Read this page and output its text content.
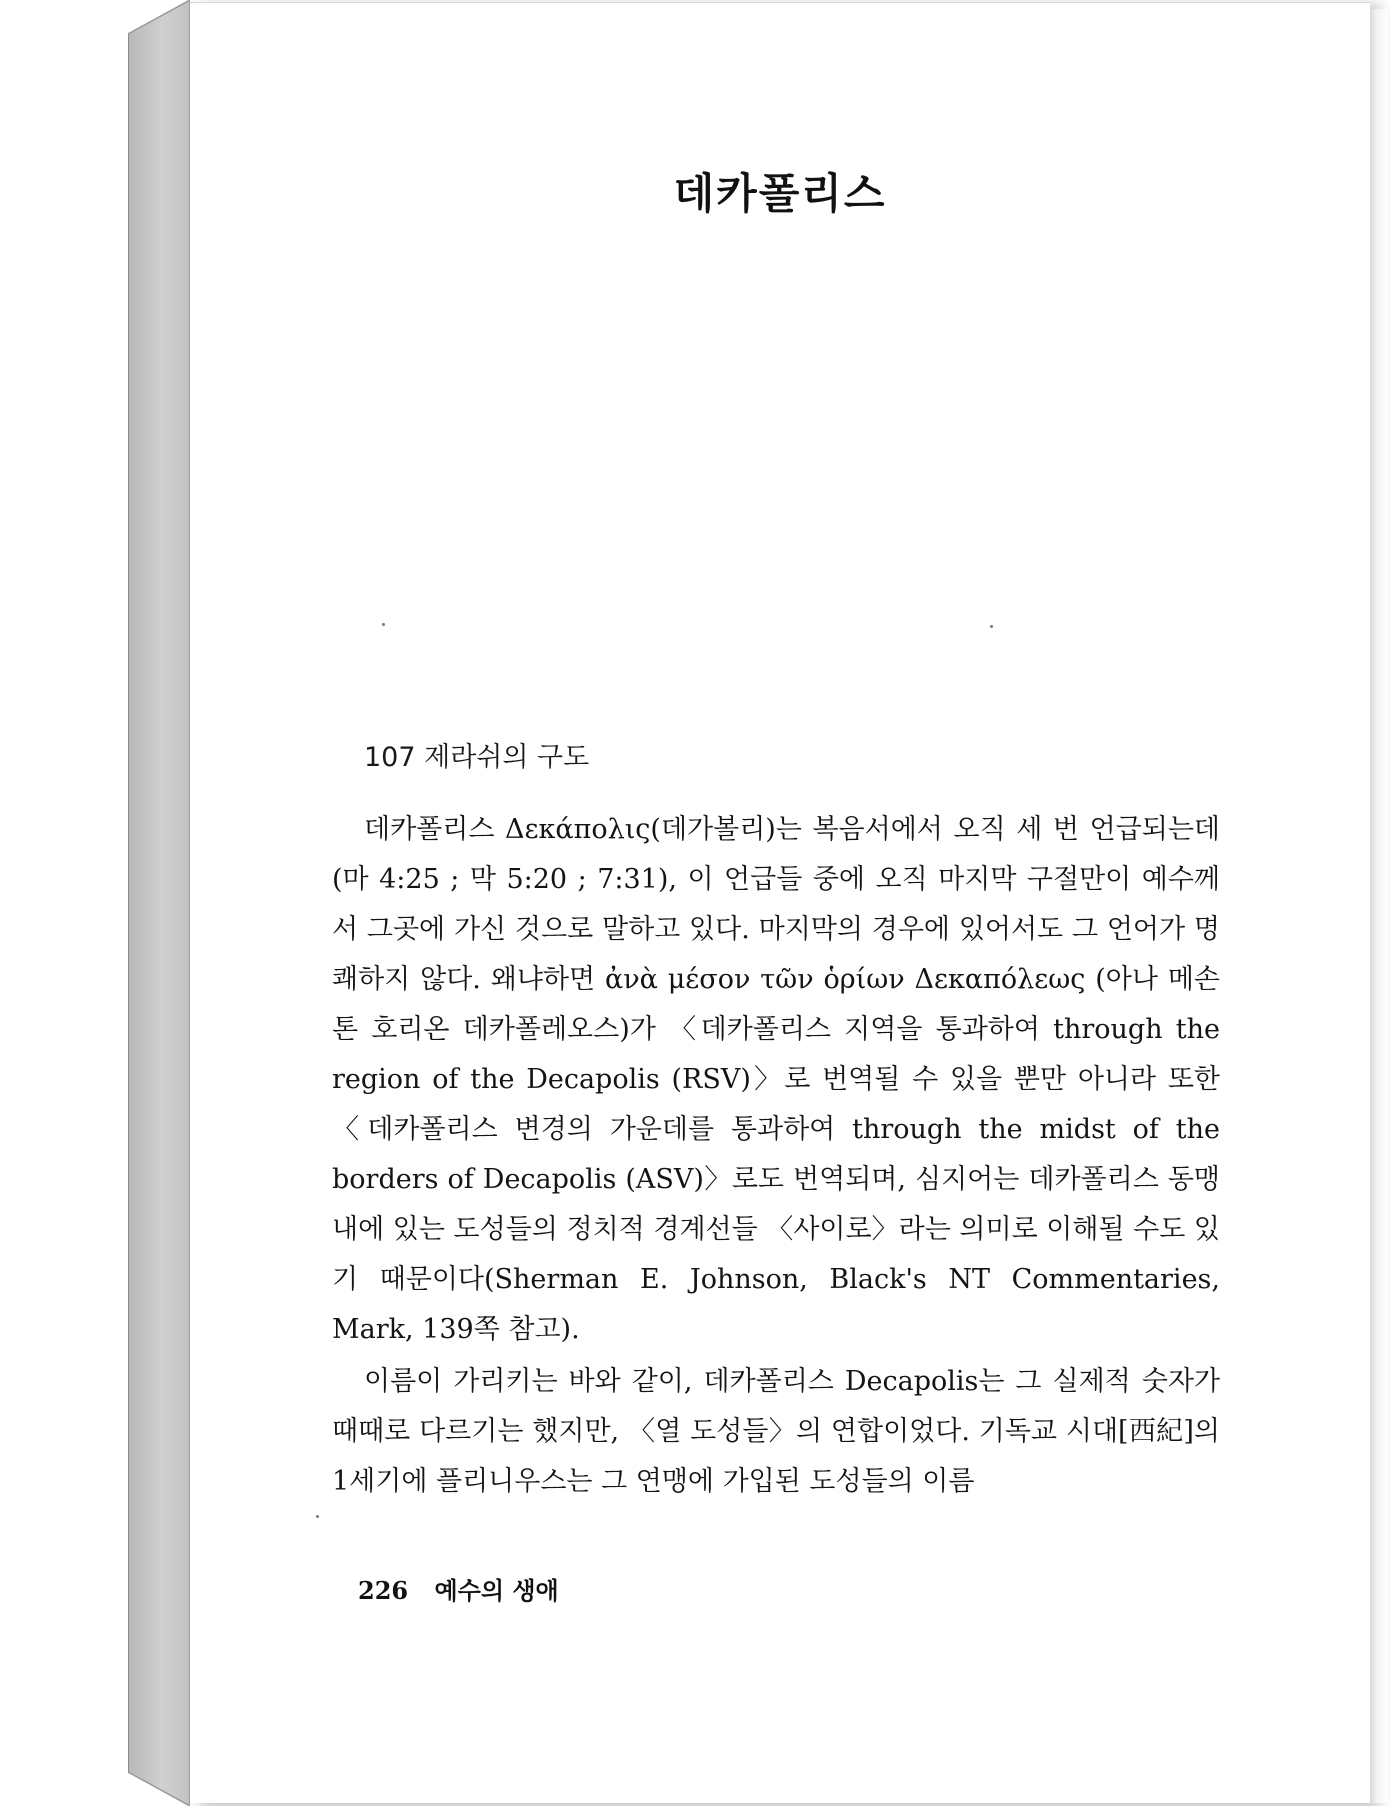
데카폴리스

107 제라쉬의 구도

데카폴리스 Δεκάπολις(데가볼리)는 복음서에서 오직 세 번 언급되는데(마 4:25 ; 막 5:20 ; 7:31), 이 언급들 중에 오직 마지막 구절만이 예수께서 그곳에 가신 것으로 말하고 있다. 마지막의 경우에 있어서도 그 언어가 명쾌하지 않다. 왜냐하면 ἀνὰ μέσον τῶν ὁρίων Δεκαπόλεως (아나 메손 톤 호리온 데카폴레오스)가 〈데카폴리스 지역을 통과하여 through the region of the Decapolis (RSV)〉로 번역될 수 있을 뿐만 아니라 또한 〈데카폴리스 변경의 가운데를 통과하여 through the midst of the borders of Decapolis (ASV)〉로도 번역되며, 심지어는 데카폴리스 동맹 내에 있는 도성들의 정치적 경계선들 〈사이로〉라는 의미로 이해될 수도 있기 때문이다(Sherman E. Johnson, Black's NT Commentaries, Mark, 139쪽 참고).

이름이 가리키는 바와 같이, 데카폴리스 Decapolis는 그 실제적 숫자가 때때로 다르기는 했지만, 〈열 도성들〉의 연합이었다. 기독교 시대[西紀]의 1세기에 플리니우스는 그 연맹에 가입된 도성들의 이름

226 예수의 생애
